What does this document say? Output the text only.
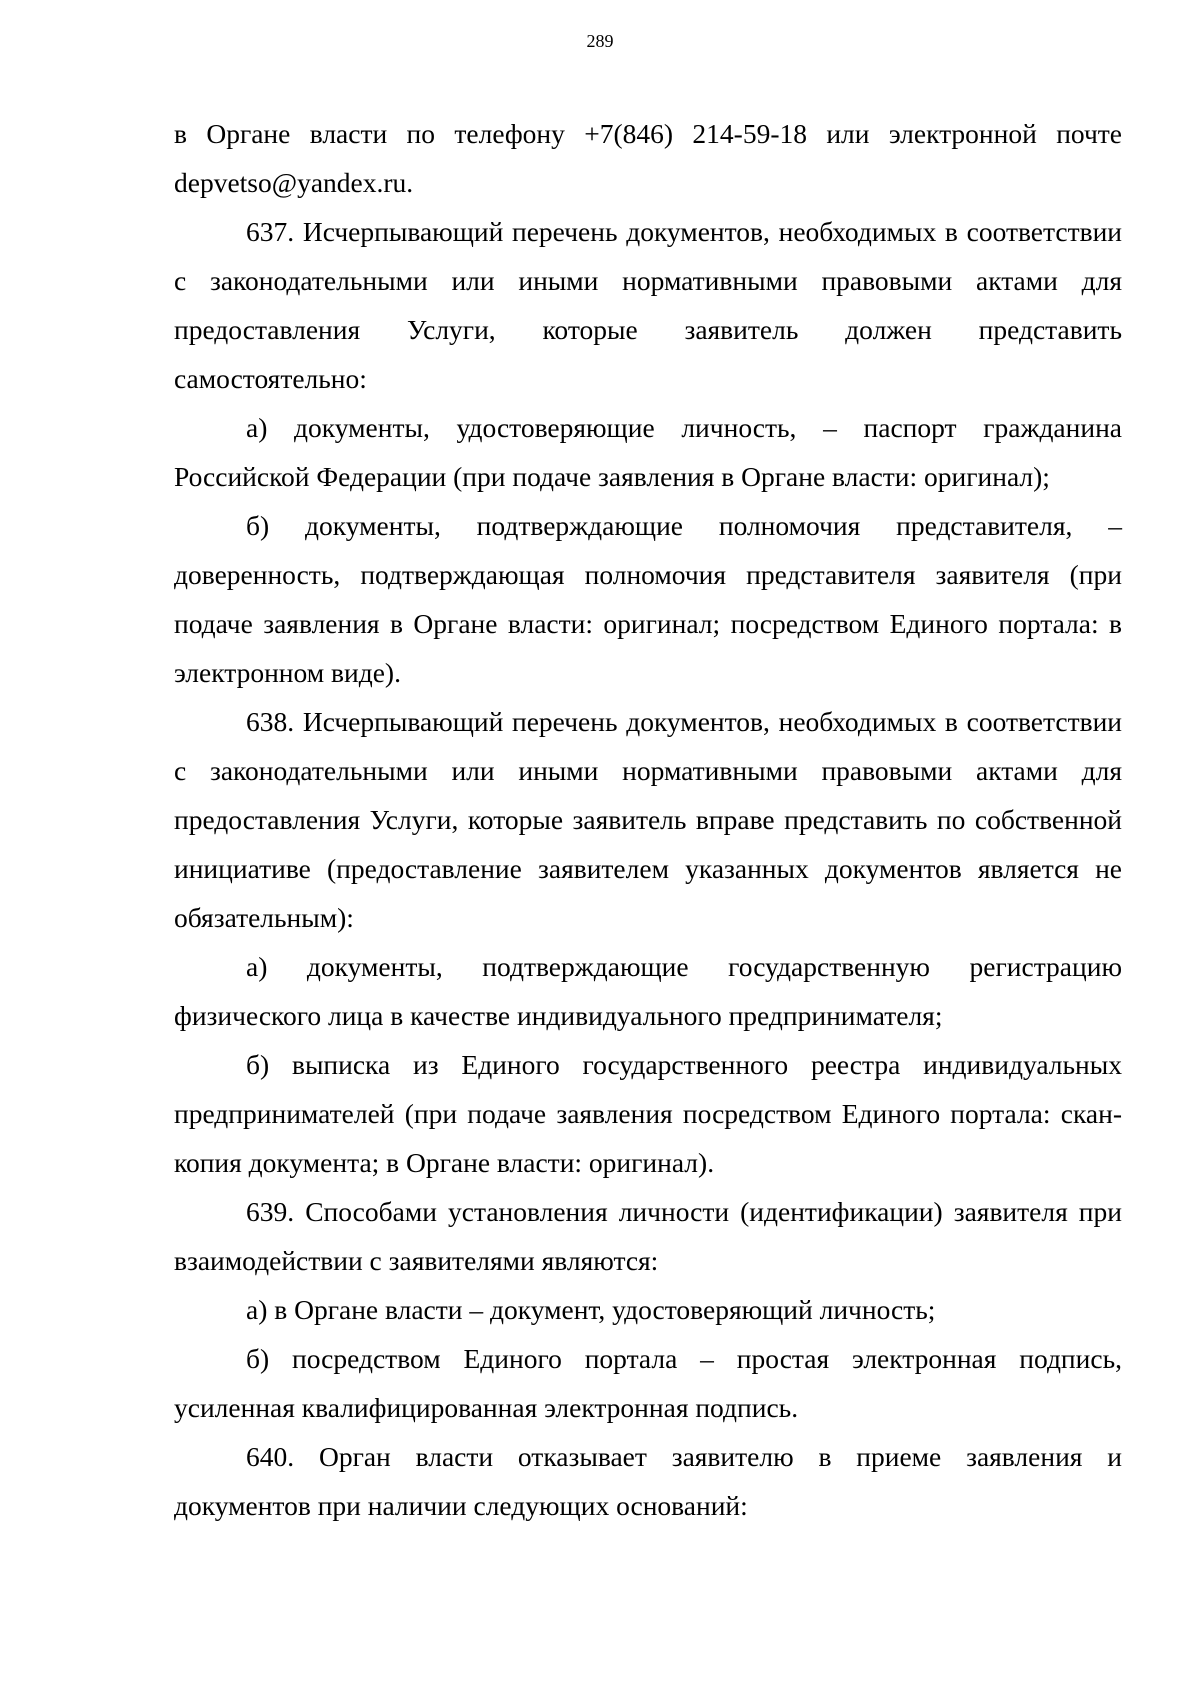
289

в Органе власти по телефону +7(846) 214-59-18 или электронной почте depvetso@yandex.ru.

637. Исчерпывающий перечень документов, необходимых в соответствии с законодательными или иными нормативными правовыми актами для предоставления Услуги, которые заявитель должен представить самостоятельно:

а) документы, удостоверяющие личность, – паспорт гражданина Российской Федерации (при подаче заявления в Органе власти: оригинал);

б) документы, подтверждающие полномочия представителя, – доверенность, подтверждающая полномочия представителя заявителя (при подаче заявления в Органе власти: оригинал; посредством Единого портала: в электронном виде).

638. Исчерпывающий перечень документов, необходимых в соответствии с законодательными или иными нормативными правовыми актами для предоставления Услуги, которые заявитель вправе представить по собственной инициативе (предоставление заявителем указанных документов является не обязательным):

а) документы, подтверждающие государственную регистрацию физического лица в качестве индивидуального предпринимателя;

б) выписка из Единого государственного реестра индивидуальных предпринимателей (при подаче заявления посредством Единого портала: скан-копия документа; в Органе власти: оригинал).

639. Способами установления личности (идентификации) заявителя при взаимодействии с заявителями являются:

а) в Органе власти – документ, удостоверяющий личность;

б) посредством Единого портала – простая электронная подпись, усиленная квалифицированная электронная подпись.

640. Орган власти отказывает заявителю в приеме заявления и документов при наличии следующих оснований:
